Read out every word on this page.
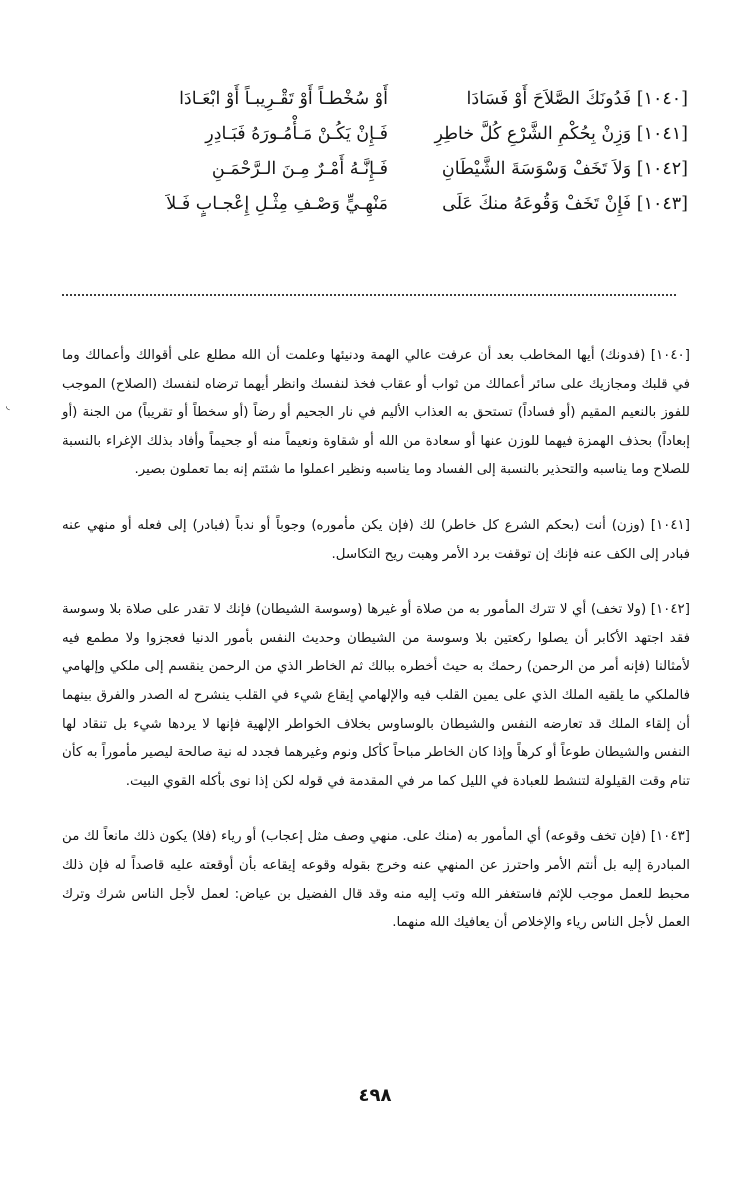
[١٠٤٠] فَدُونَكَ الصَّلاَحَ أَوْ فَسَادَا
أَوْ سُخْطـاً أَوْ تَقْـرِيبـاً أَوْ ابْعَـادَا
[١٠٤١] وَزِنْ بِحُكْمِ الشَّرْعِ كُلَّ خاطِرِ
فَـإِنْ يَكُـنْ مَـأْمُـورَهُ فَبَـادِرِ
[١٠٤٢] وَلاَ تَخَفْ وَسْوَسَةَ الشَّيْطَانِ
فَـإِنَّـهُ أَمْـرٌ مِـنَ الـرَّحْمَـنِ
[١٠٤٣] فَإِنْ تَخَفْ وَقُوعَهُ منكَ عَلَى
مَنْهِـيٍّ وَصْـفِ مِثْـلِ إِعْجـابٍ فَـلاَ
◟

[١٠٤٠] (فدونك) أيها المخاطب بعد أن عرفت عالي الهمة ودنيئها وعلمت أن الله مطلع على أقوالك وأعمالك وما في قلبك ومجازيك على سائر أعمالك من ثواب أو عقاب فخذ لنفسك وانظر أيهما ترضاه لنفسك (الصلاح) الموجب للفوز بالنعيم المقيم (أو فساداً) تستحق به العذاب الأليم في نار الجحيم أو رضاً (أو سخطاً أو تقريباً) من الجنة (أو إبعاداً) بحذف الهمزة فيهما للوزن عنها أو سعادة من الله أو شقاوة ونعيماً منه أو جحيماً وأفاد بذلك الإغراء بالنسبة للصلاح وما يناسبه والتحذير بالنسبة إلى الفساد وما يناسبه ونظير اعملوا ما شئتم إنه بما تعملون بصير.

[١٠٤١] (وزن) أنت (بحكم الشرع كل خاطر) لك (فإن يكن مأموره) وجوباً أو ندباً (فبادر) إلى فعله أو منهي عنه فبادر إلى الكف عنه فإنك إن توقفت برد الأمر وهبت ريح التكاسل.

[١٠٤٢] (ولا تخف) أي لا تترك المأمور به من صلاة أو غيرها (وسوسة الشيطان) فإنك لا تقدر على صلاة بلا وسوسة فقد اجتهد الأكابر أن يصلوا ركعتين بلا وسوسة من الشيطان وحديث النفس بأمور الدنيا فعجزوا ولا مطمع فيه لأمثالنا (فإنه أمر من الرحمن) رحمك به حيث أخطره ببالك ثم الخاطر الذي من الرحمن ينقسم إلى ملكي وإلهامي فالملكي ما يلقيه الملك الذي على يمين القلب فيه والإلهامي إيقاع شيء في القلب ينشرح له الصدر والفرق بينهما أن إلقاء الملك قد تعارضه النفس والشيطان بالوساوس بخلاف الخواطر الإلهية فإنها لا يردها شيء بل تنقاد لها النفس والشيطان طوعاً أو كرهاً وإذا كان الخاطر مباحاً كأكل ونوم وغيرهما فجدد له نية صالحة ليصير مأموراً به كأن تنام وقت القيلولة لتنشط للعبادة في الليل كما مر في المقدمة في قوله لكن إذا نوى بأكله القوي البيت.

[١٠٤٣] (فإن تخف وقوعه) أي المأمور به (منك على. منهي وصف مثل إعجاب) أو رياء (فلا) يكون ذلك مانعاً لك من المبادرة إليه بل أنتم الأمر واحترز عن المنهي عنه وخرج بقوله وقوعه إيقاعه بأن أوقعته عليه قاصداً له فإن ذلك محبط للعمل موجب للإثم فاستغفر الله وتب إليه منه وقد قال الفضيل بن عياض: لعمل لأجل الناس شرك وترك العمل لأجل الناس رياء والإخلاص أن يعافيك الله منهما.

٤٩٨
